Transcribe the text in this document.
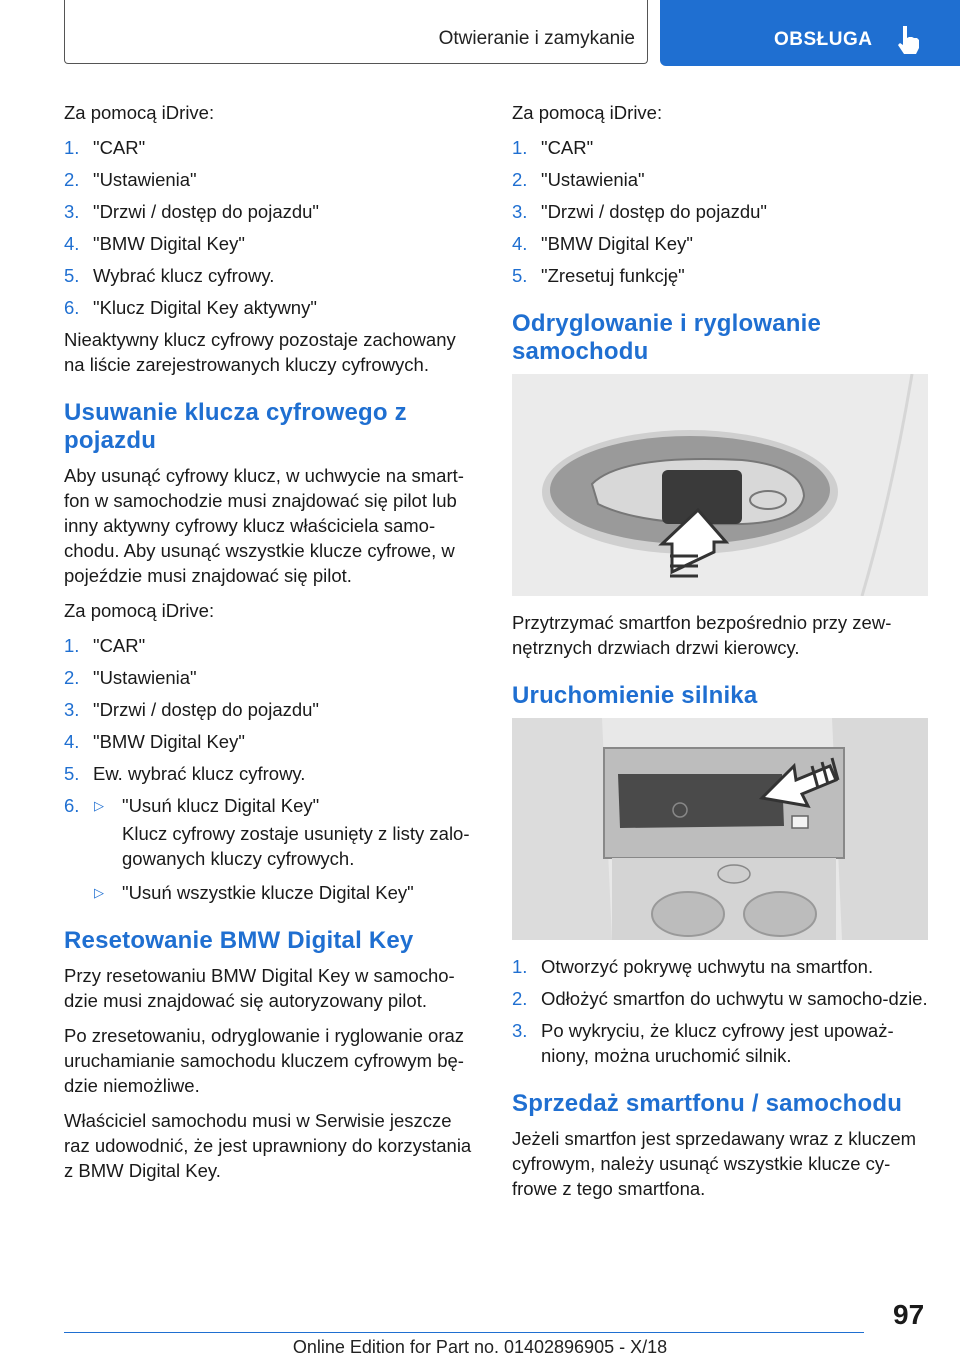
Otwieranie i zamykanie	OBSŁUGA

Za pomocą iDrive:

1. "CAR"
2. "Ustawienia"
3. "Drzwi / dostęp do pojazdu"
4. "BMW Digital Key"
5. Wybrać klucz cyfrowy.
6. "Klucz Digital Key aktywny"

Nieaktywny klucz cyfrowy pozostaje zachowany na liście zarejestrowanych kluczy cyfrowych.

Usuwanie klucza cyfrowego z pojazdu

Aby usunąć cyfrowy klucz, w uchwycie na smart-fon w samochodzie musi znajdować się pilot lub inny aktywny cyfrowy klucz właściciela samo-chodu. Aby usunąć wszystkie klucze cyfrowe, w pojeździe musi znajdować się pilot.

Za pomocą iDrive:

1. "CAR"
2. "Ustawienia"
3. "Drzwi / dostęp do pojazdu"
4. "BMW Digital Key"
5. Ew. wybrać klucz cyfrowy.
6. ▷ "Usuń klucz Digital Key"

Klucz cyfrowy zostaje usunięty z listy zalo-gowanych kluczy cyfrowych.

▷ "Usuń wszystkie klucze Digital Key"
Resetowanie BMW Digital Key

Przy resetowaniu BMW Digital Key w samocho-dzie musi znajdować się autoryzowany pilot.

Po zresetowaniu, odryglowanie i ryglowanie oraz uruchamianie samochodu kluczem cyfrowym bę-dzie niemożliwe.

Właściciel samochodu musi w Serwisie jeszcze raz udowodnić, że jest uprawniony do korzystania z BMW Digital Key.

Za pomocą iDrive:

1. "CAR"
2. "Ustawienia"
3. "Drzwi / dostęp do pojazdu"
4. "BMW Digital Key"
5. "Zresetuj funkcję"
Odryglowanie i ryglowanie samochodu

Przytrzymać smartfon bezpośrednio przy zew-nętrznych drzwiach drzwi kierowcy.

Uruchomienie silnika
1. Otworzyć pokrywę uchwytu na smartfon.
2. Odłożyć smartfon do uchwytu w samocho-dzie.
3. Po wykryciu, że klucz cyfrowy jest upoważ-niony, można uruchomić silnik.
Sprzedaż smartfonu / samochodu

Jeżeli smartfon jest sprzedawany wraz z kluczem cyfrowym, należy usunąć wszystkie klucze cy-frowe z tego smartfona.

97
Online Edition for Part no. 01402896905 - X/18
